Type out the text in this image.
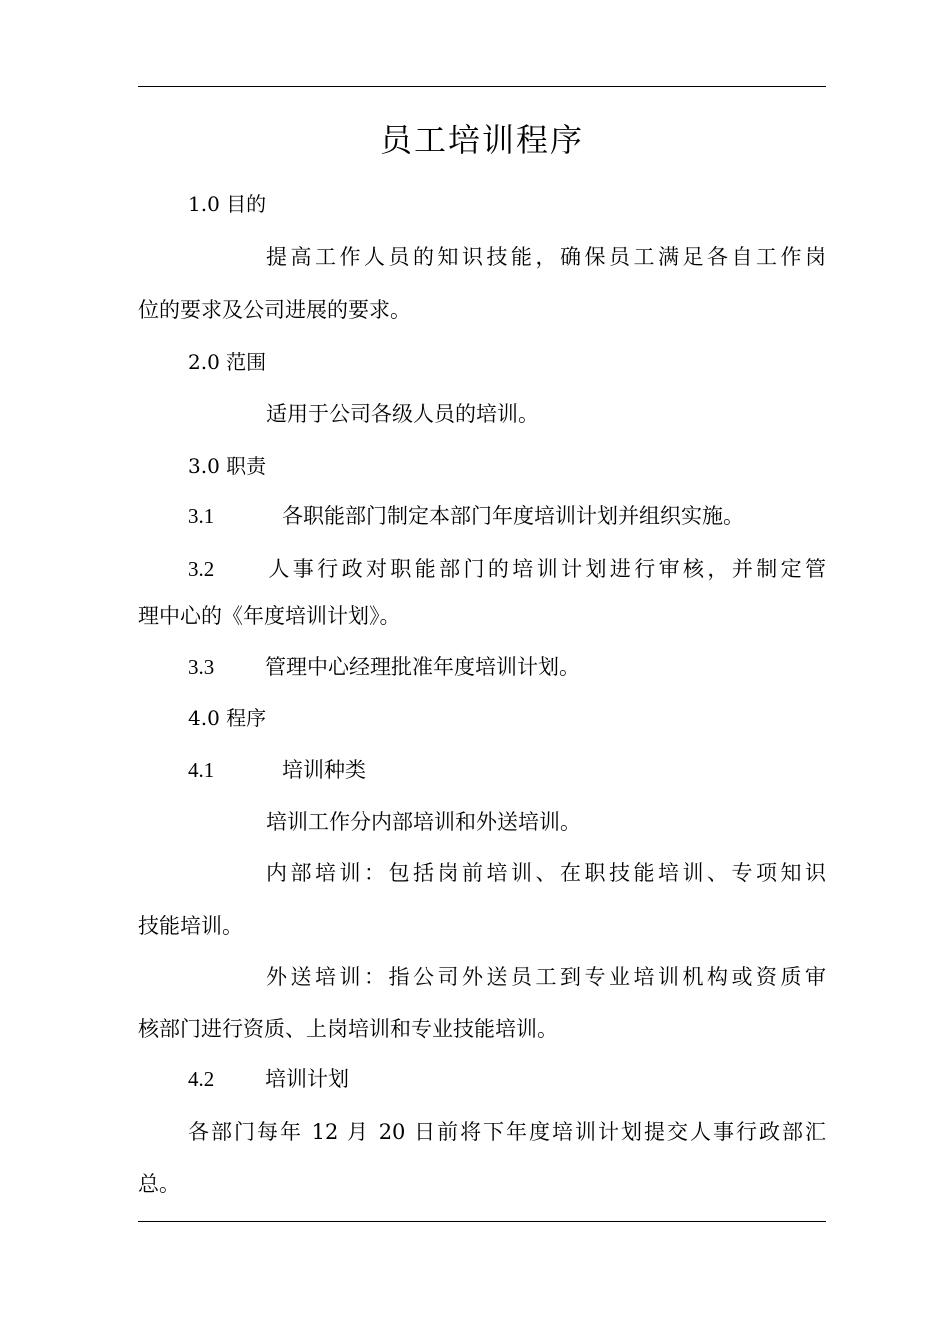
员工培训程序
1.0 目的
提高工作人员的知识技能，确保员工满足各自工作岗
位的要求及公司进展的要求。
2.0 范围
适用于公司各级人员的培训。
3.0 职责
3.1	各职能部门制定本部门年度培训计划并组织实施。
3.2 人事行政对职能部门的培训计划进行审核，并制定管
理中心的《年度培训计划》。
3.3 管理中心经理批准年度培训计划。
4.0 程序
4.1	培训种类
培训工作分内部培训和外送培训。
内部培训：包括岗前培训、在职技能培训、专项知识
技能培训。
外送培训：指公司外送员工到专业培训机构或资质审
核部门进行资质、上岗培训和专业技能培训。
4.2 培训计划
各部门每年 12 月 20 日前将下年度培训计划提交人事行政部汇
总。
